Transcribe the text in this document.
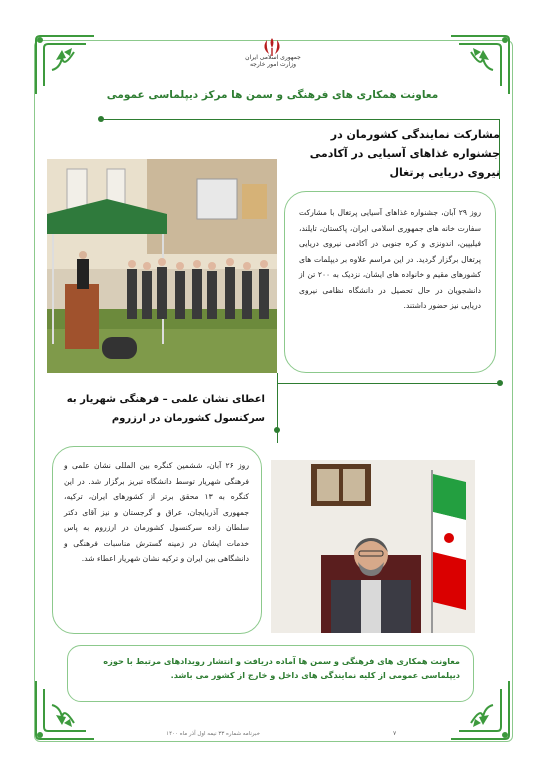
جمهوری اسلامی ایران
وزارت امور خارجه
معاونت همکاری های فرهنگی و سمن ها مرکز دیپلماسی عمومی
مشارکت نمایندگی کشورمان در جشنواره غذاهای آسیایی در آکادمی نیروی دریایی پرتغال
روز ۲۹ آبان، جشنواره غذاهای آسیایی پرتغال با مشارکت سفارت خانه های جمهوری اسلامی ایران، پاکستان، تایلند، فیلیپین، اندونزی و کره جنوبی در آکادمی نیروی دریایی پرتغال برگزار گردید. در این مراسم علاوه بر دیپلمات های کشورهای مقیم و خانواده های ایشان، نزدیک به ۲۰۰ تن از دانشجویان در حال تحصیل در دانشگاه نظامی نیروی دریایی نیز حضور داشتند.
اعطای نشان علمی – فرهنگی شهریار به سرکنسول کشورمان در ارزروم
روز ۲۶ آبان، ششمین کنگره بین المللی نشان علمی و فرهنگی شهریار توسط دانشگاه تبریز برگزار شد. در این کنگره به ۱۳ محقق برتر از کشورهای ایران، ترکیه، جمهوری آذربایجان، عراق و گرجستان و نیز آقای دکتر سلطان زاده سرکنسول کشورمان در ارزروم به پاس خدمات ایشان در زمینه گسترش مناسبات فرهنگی و دانشگاهی بین ایران و ترکیه نشان شهریار اعطاء شد.
معاونت همکاری های فرهنگی و سمن ها آماده دریافت و انتشار رویدادهای مرتبط با حوزه دیپلماسی عمومی از کلیه نمایندگی های داخل و خارج از کشور می باشد.
خبرنامه شماره ۳۳ نیمه اول آذر ماه ۱۴۰۰	۷
